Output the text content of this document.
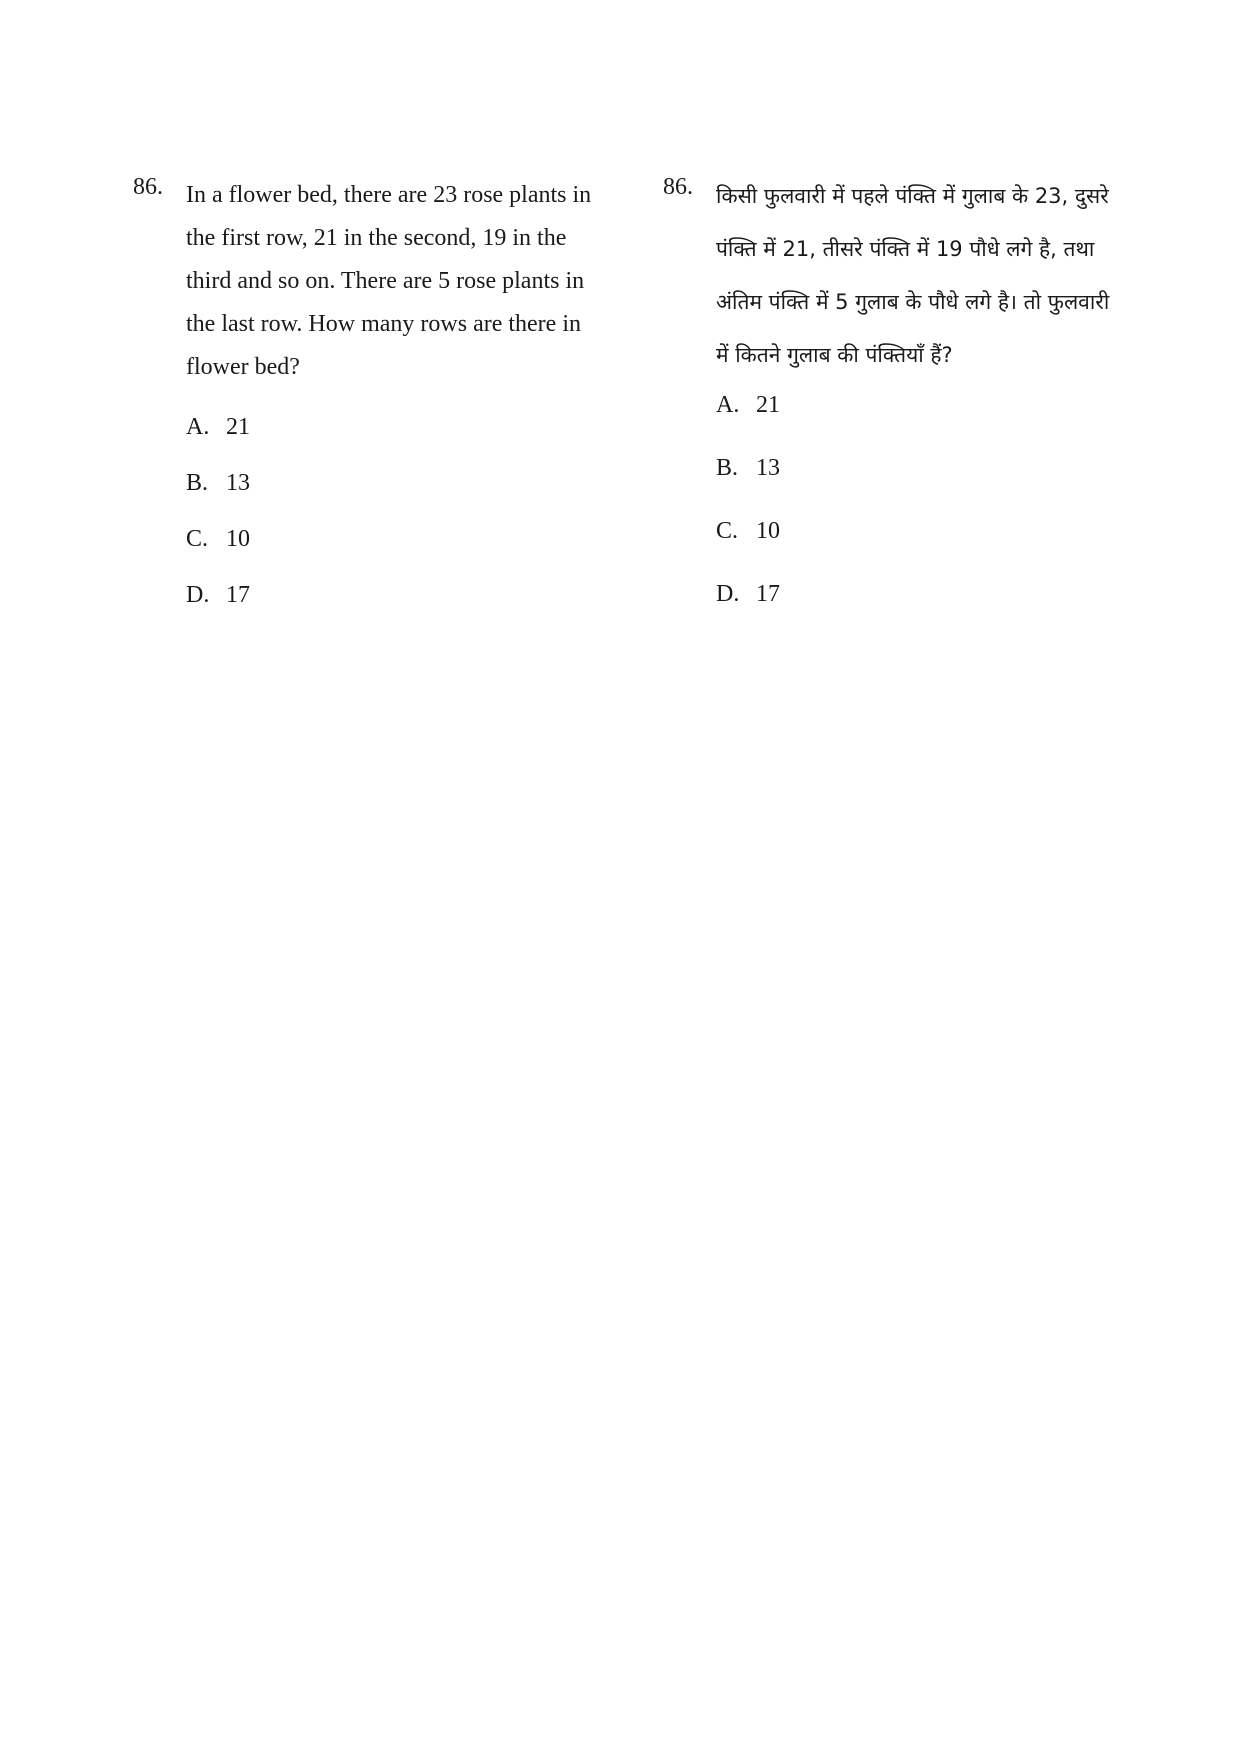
86. In a flower bed, there are 23 rose plants in the first row, 21 in the second, 19 in the third and so on. There are 5 rose plants in the last row. How many rows are there in flower bed?
A. 21
B. 13
C. 10
D. 17
86. किसी फुलवारी में पहले पंक्ति में गुलाब के 23, दुसरे पंक्ति में 21, तीसरे पंक्ति में 19 पौधे लगे है, तथा अंतिम पंक्ति में 5 गुलाब के पौधे लगे है। तो फुलवारी में कितने गुलाब की पंक्तियाँ हैं?
A. 21
B. 13
C. 10
D. 17
